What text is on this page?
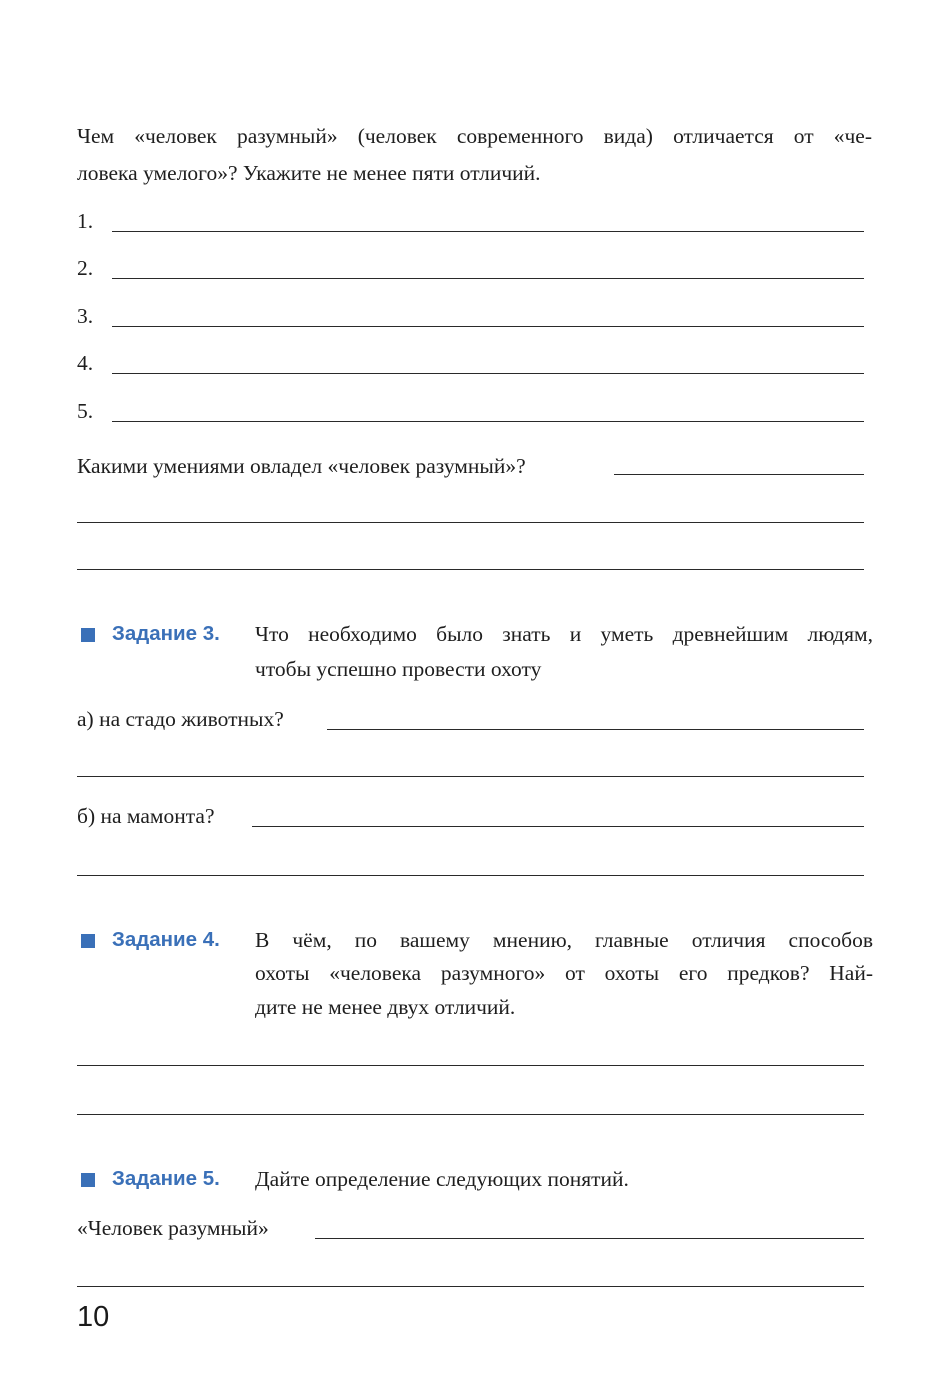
Чем «человек разумный» (человек современного вида) отличается от «че-
ловека умелого»? Укажите не менее пяти отличий.
1.
2.
3.
4.
5.
Какими умениями овладел «человек разумный»?
Задание 3. Что необходимо было знать и уметь древнейшим людям,
чтобы успешно провести охоту
а) на стадо животных?
б) на мамонта?
Задание 4. В чём, по вашему мнению, главные отличия способов
охоты «человека разумного» от охоты его предков? Най-
дите не менее двух отличий.
Задание 5. Дайте определение следующих понятий.
«Человек разумный»
10
